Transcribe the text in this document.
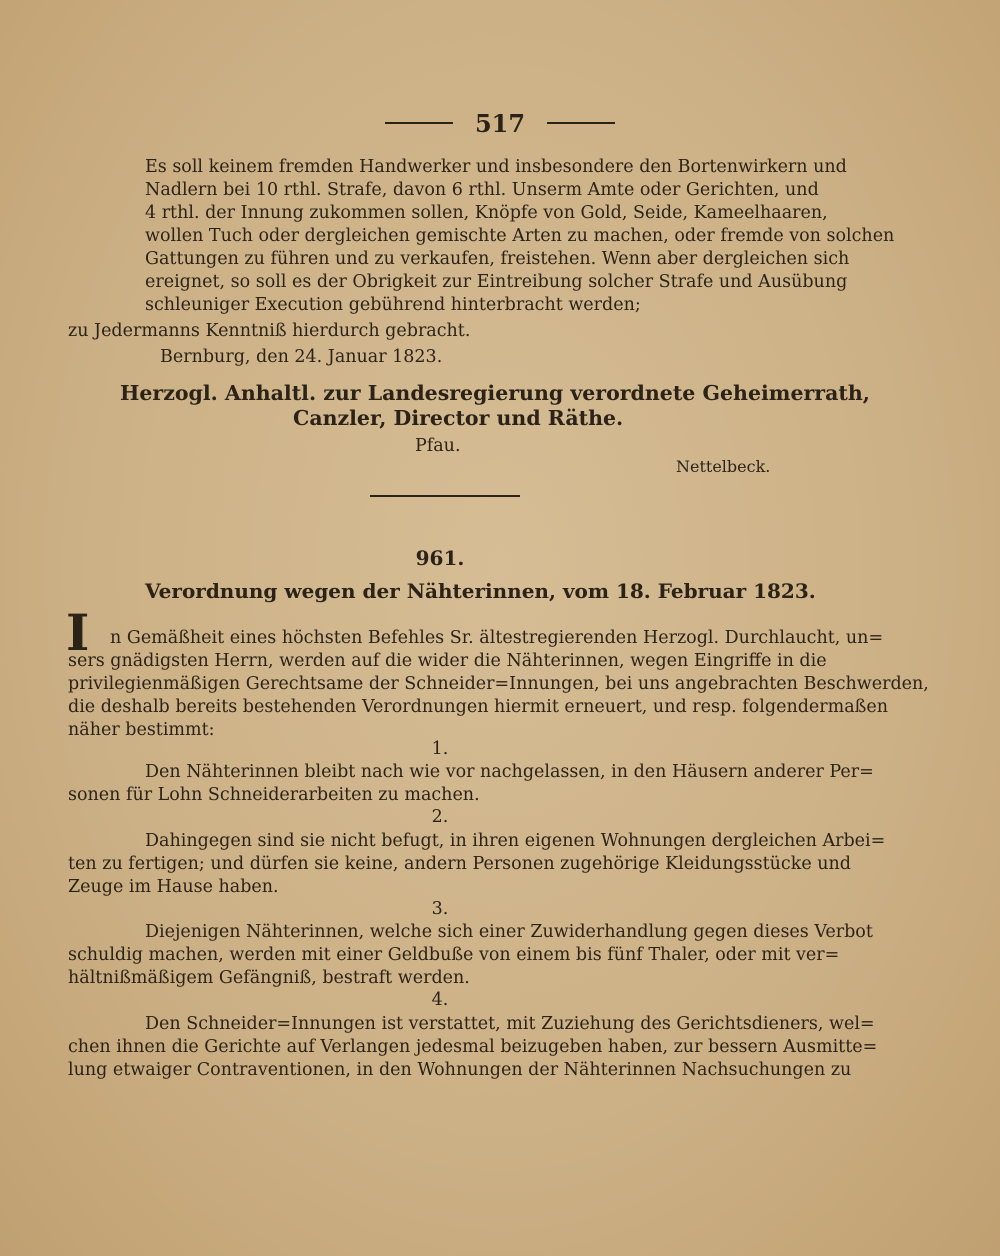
517
Es soll keinem fremden Handwerker und insbesondere den Bortenwirkern und
Nadlern bei 10 rthl. Strafe, davon 6 rthl. Unserm Amte oder Gerichten, und
4 rthl. der Innung zukommen sollen, Knöpfe von Gold, Seide, Kameelhaaren,
wollen Tuch oder dergleichen gemischte Arten zu machen, oder fremde von solchen
Gattungen zu führen und zu verkaufen, freistehen. Wenn aber dergleichen sich
ereignet, so soll es der Obrigkeit zur Eintreibung solcher Strafe und Ausübung
schleuniger Execution gebührend hinterbracht werden;
zu Jedermanns Kenntniß hierdurch gebracht.
Bernburg, den 24. Januar 1823.
Herzogl. Anhaltl. zur Landesregierung verordnete Geheimerrath,
Canzler, Director und Räthe.
Pfau.
Nettelbeck.
961.
Verordnung wegen der Nähterinnen, vom 18. Februar 1823.
I n Gemäßheit eines höchsten Befehles Sr. ältestregierenden Herzogl. Durchlaucht, un=
sers gnädigsten Herrn, werden auf die wider die Nähterinnen, wegen Eingriffe in die
privilegienmäßigen Gerechtsame der Schneider=Innungen, bei uns angebrachten Beschwerden,
die deshalb bereits bestehenden Verordnungen hiermit erneuert, und resp. folgendermaßen
näher bestimmt:
1.
Den Nähterinnen bleibt nach wie vor nachgelassen, in den Häusern anderer Per=
sonen für Lohn Schneiderarbeiten zu machen.
2.
Dahingegen sind sie nicht befugt, in ihren eigenen Wohnungen dergleichen Arbei=
ten zu fertigen; und dürfen sie keine, andern Personen zugehörige Kleidungsstücke und
Zeuge im Hause haben.
3.
Diejenigen Nähterinnen, welche sich einer Zuwiderhandlung gegen dieses Verbot
schuldig machen, werden mit einer Geldbuße von einem bis fünf Thaler, oder mit ver=
hältnißmäßigem Gefängniß, bestraft werden.
4.
Den Schneider=Innungen ist verstattet, mit Zuziehung des Gerichtsdieners, wel=
chen ihnen die Gerichte auf Verlangen jedesmal beizugeben haben, zur bessern Ausmitte=
lung etwaiger Contraventionen, in den Wohnungen der Nähterinnen Nachsuchungen zu
